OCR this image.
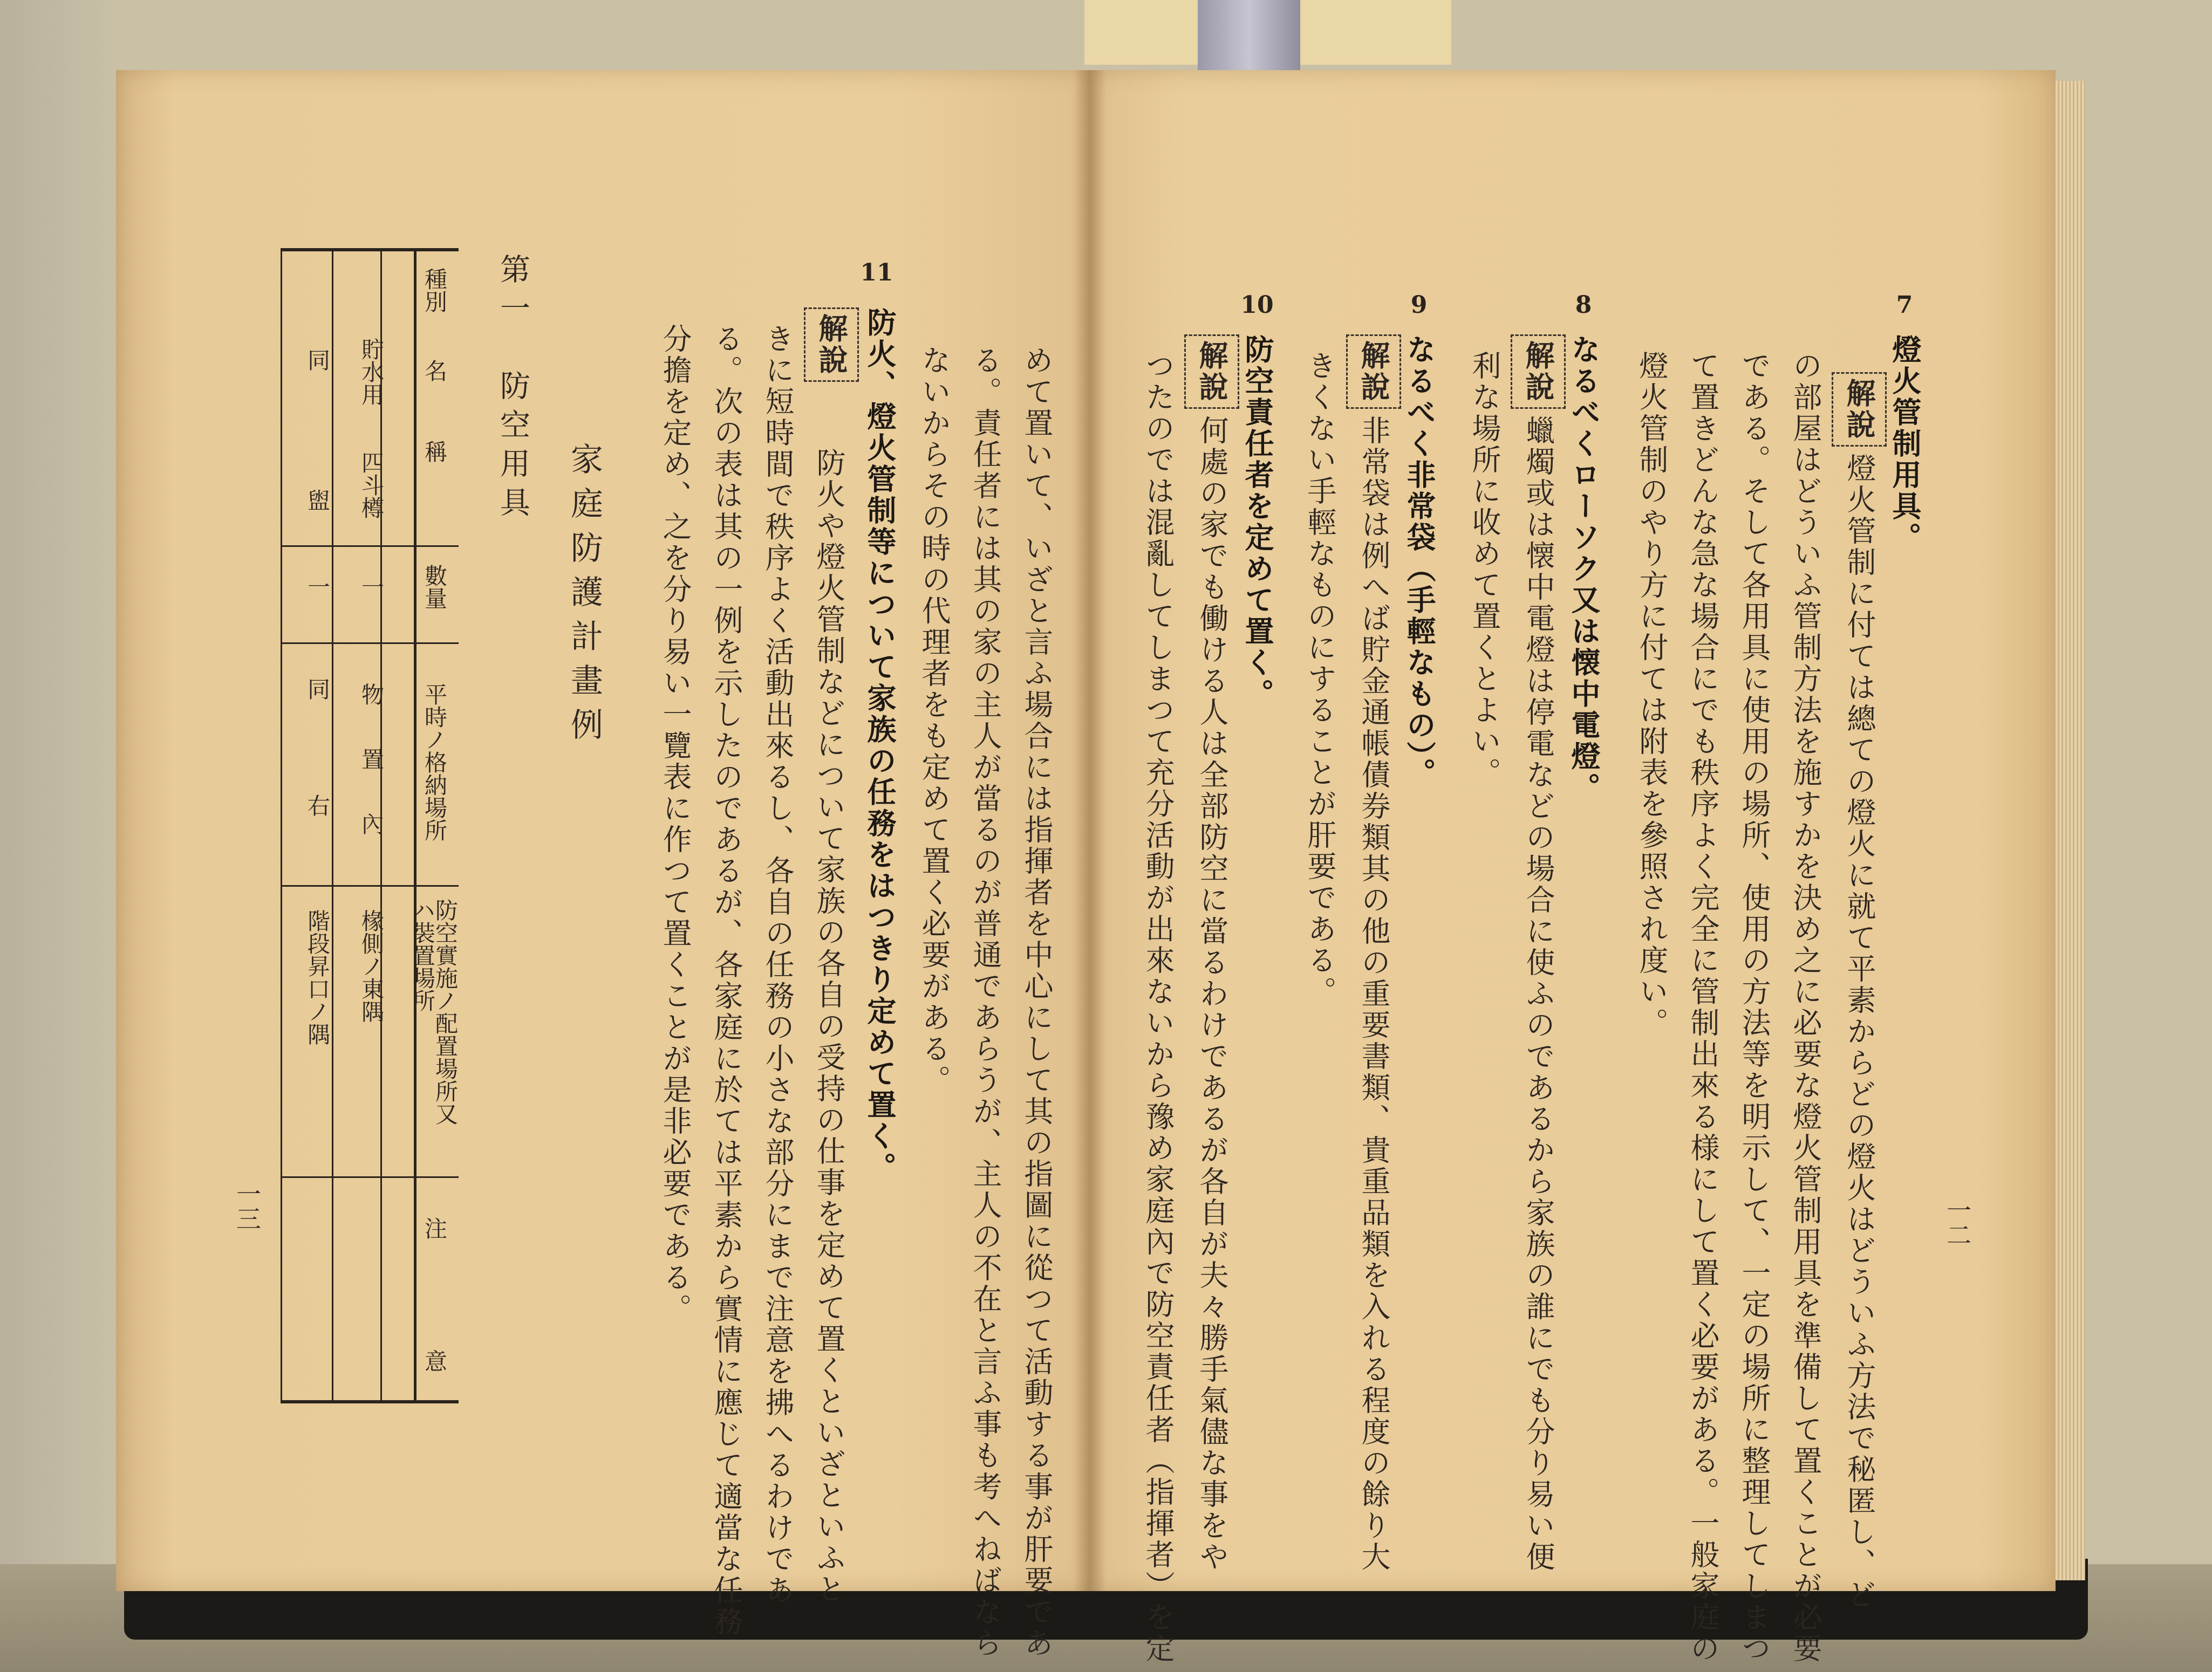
7
燈火管制用具。
解說燈火管制に付ては總ての燈火に就て平素からどの燈火はどういふ方法で秘匿し、ど
の部屋はどういふ管制方法を施すかを決め之に必要な燈火管制用具を準備して置くことが必要
である。そして各用具に使用の場所、使用の方法等を明示して、一定の場所に整理してしまつ
て置きどんな急な場合にでも秩序よく完全に管制出來る様にして置く必要がある。一般家庭の
燈火管制のやり方に付ては附表を參照され度い。
8
なるべくローソク又は懐中電燈。
解說蠟燭或は懐中電燈は停電などの場合に使ふのであるから家族の誰にでも分り易い便
利な場所に收めて置くとよい。
9
なるべく非常袋（手輕なもの）。
解說非常袋は例へば貯金通帳債券類其の他の重要書類、貴重品類を入れる程度の餘り大
きくない手輕なものにすることが肝要である。
10
防空責任者を定めて置く。
解說何處の家でも働ける人は全部防空に當るわけであるが各自が夫々勝手氣儘な事をや
つたのでは混亂してしまつて充分活動が出來ないから豫め家庭內で防空責任者（指揮者）を定	一二
めて置いて、いざと言ふ場合には指揮者を中心にして其の指圖に從つて活動する事が肝要であ
る。責任者には其の家の主人が當るのが普通であらうが、主人の不在と言ふ事も考へねばなら
ないからその時の代理者をも定めて置く必要がある。
11
解說 防火、燈火管制等について家族の任務をはつきり定めて置く。
防火や燈火管制などについて家族の各自の受持の仕事を定めて置くといざといふと
きに短時間で秩序よく活動出來るし、各自の任務の小さな部分にまで注意を拂へるわけであ
る。次の表は其の一例を示したのであるが、各家庭に於ては平素から實情に應じて適當な任務
分擔を定め、之を分り易い一覽表に作つて置くことが是非必要である。
家庭防護計畫例
第一　防空用具
種別
名　　稱
數量
平時ノ格納場所
防空實施ノ配置場所又
ハ裝置場所
注　　意
貯水用
四斗樽
一
物　置　內
椽側ノ東隅
同
盥
一
同　　　右
階段昇口ノ隅
一三
